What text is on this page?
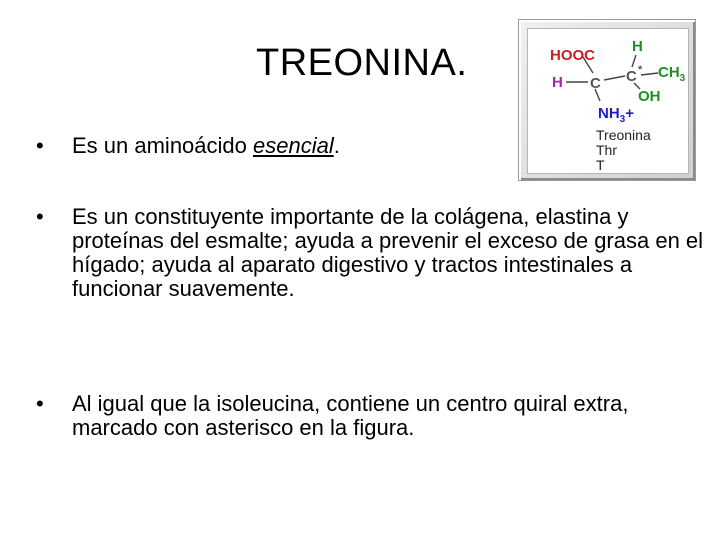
TREONINA.
•	Es un aminoácido esencial.
•	Es un constituyente importante de la colágena, elastina y proteínas del esmalte; ayuda a prevenir el exceso de grasa en el hígado; ayuda al aparato digestivo y tractos intestinales a funcionar suavemente.
•	Al igual que la isoleucina, contiene un centro quiral extra, marcado con asterisco en la figura.
HOOC
H C C *
H
$CH_3$
OH
$NH_3+$
Treonina
Thr
T
